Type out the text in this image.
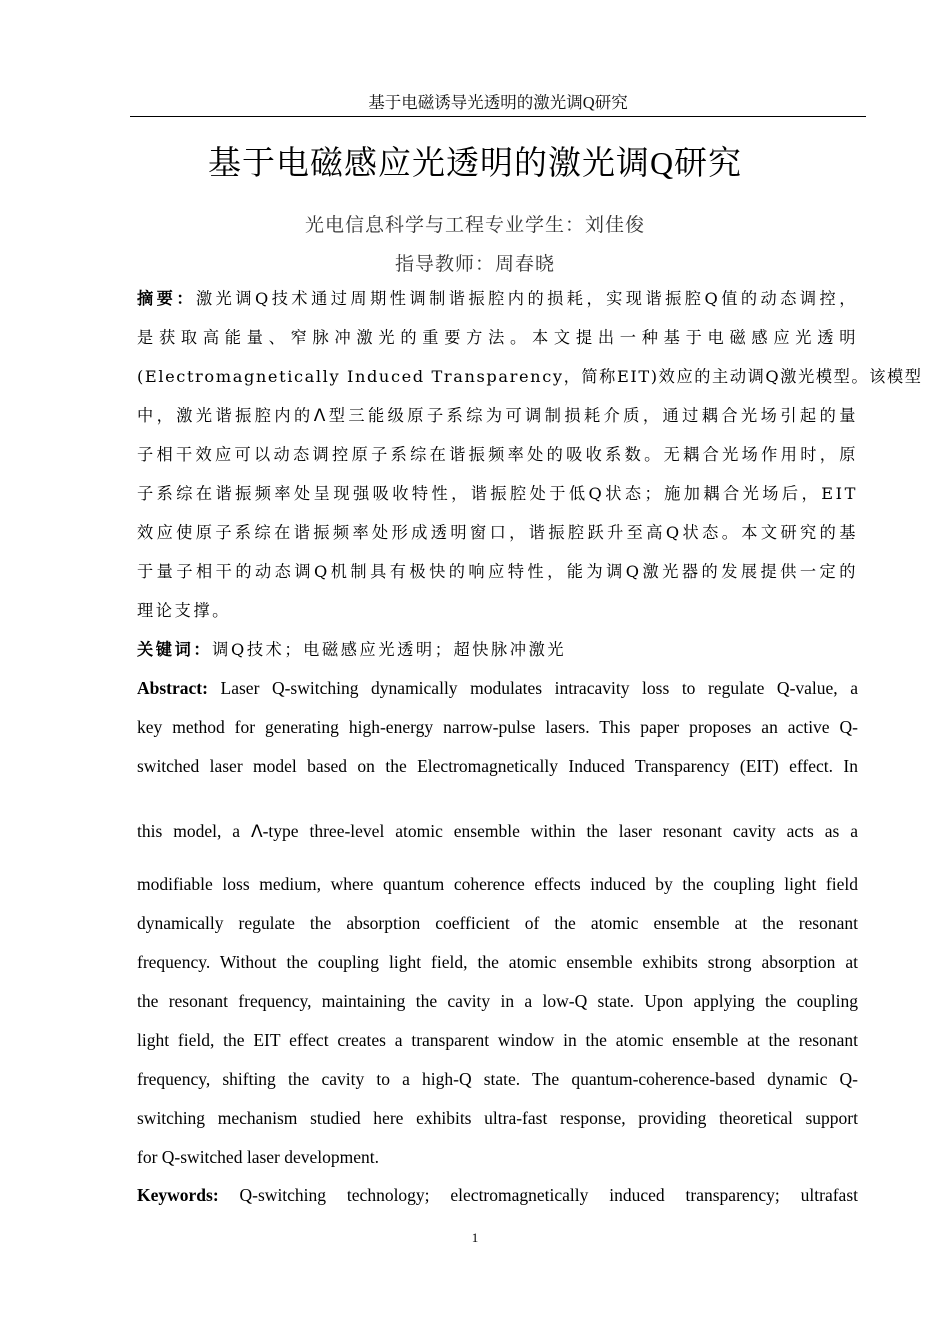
基于电磁诱导光透明的激光调Q研究
基于电磁感应光透明的激光调Q研究
光电信息科学与工程专业学生：刘佳俊
指导教师：周春晓
摘要：激光调Q技术通过周期性调制谐振腔内的损耗，实现谐振腔Q值的动态调控，
是获取高能量、窄脉冲激光的重要方法。本文提出一种基于电磁感应光透明
(Electromagnetically Induced Transparency，简称EIT)效应的主动调Q激光模型。该模型
中，激光谐振腔内的Λ型三能级原子系综为可调制损耗介质，通过耦合光场引起的量
子相干效应可以动态调控原子系综在谐振频率处的吸收系数。无耦合光场作用时，原
子系综在谐振频率处呈现强吸收特性，谐振腔处于低Q状态；施加耦合光场后，EIT
效应使原子系综在谐振频率处形成透明窗口，谐振腔跃升至高Q状态。本文研究的基
于量子相干的动态调Q机制具有极快的响应特性，能为调Q激光器的发展提供一定的
理论支撑。
关键词：调Q技术；电磁感应光透明；超快脉冲激光
Abstract: Laser Q-switching dynamically modulates intracavity loss to regulate Q-value, a
key method for generating high-energy narrow-pulse lasers. This paper proposes an active Q-
switched laser model based on the Electromagnetically Induced Transparency (EIT) effect. In
this model, a Λ-type three-level atomic ensemble within the laser resonant cavity acts as a
modifiable loss medium, where quantum coherence effects induced by the coupling light field
dynamically regulate the absorption coefficient of the atomic ensemble at the resonant
frequency. Without the coupling light field, the atomic ensemble exhibits strong absorption at
the resonant frequency, maintaining the cavity in a low-Q state. Upon applying the coupling
light field, the EIT effect creates a transparent window in the atomic ensemble at the resonant
frequency, shifting the cavity to a high-Q state. The quantum-coherence-based dynamic Q-
switching mechanism studied here exhibits ultra-fast response, providing theoretical support
for Q-switched laser development.
Keywords: Q-switching technology; electromagnetically induced transparency; ultrafast
1
